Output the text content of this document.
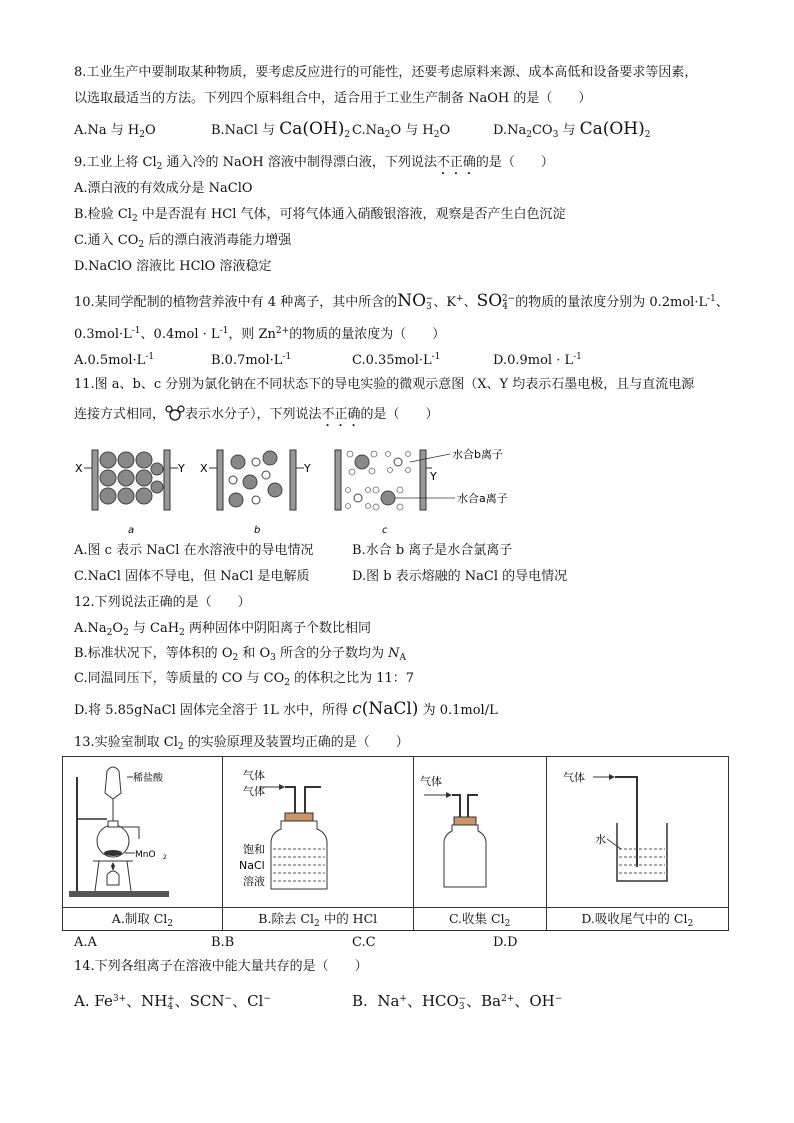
8.工业生产中要制取某种物质，要考虑反应进行的可能性，还要考虑原料来源、成本高低和设备要求等因素，
以选取最适当的方法。下列四个原料组合中，适合用于工业生产制备 NaOH 的是（　　）
A.Na 与 $H_2O$	B.NaCl 与 $Ca(OH)_2$ $C.Na_2O$ 与 $H_2O$	$D.Na_2CO_3$ 与 $Ca(OH)_2$
9.工业上将 $Cl_2$ 通入冷的 NaOH 溶液中制得漂白液，下列说法不正确的是（　　）
A.漂白液的有效成分是 NaClO
B.检验 $Cl_2$ 中是否混有 HCl 气体，可将气体通入硝酸银溶液，观察是否产生白色沉淀
C.通入 $CO_2$ 后的漂白液消毒能力增强
D.NaClO 溶液比 HClO 溶液稳定
10.某同学配制的植物营养液中有 4 种离子，其中所含的$NO_3^-$、K+、$SO_4^{2-}$的物质的量浓度分别为 $0.2mol\cdot L^{-1}$、
$0.3mol\cdot L^{-1}$、$0.4mol \cdot L^{-1}$，则 $Zn^{2+}$的物质的量浓度为（　　）
$A.0.5mol\cdot L^{-1}$	$B.0.7mol\cdot L^{-1}$	$C.0.35mol\cdot L^{-1}$	$D.0.9mol \cdot L^{-1}$
11.图 a、b、c 分别为氯化钠在不同状态下的导电实验的微观示意图（X、Y 均表示石墨电极，且与直流电源
连接方式相同， 表示水分子），下列说法不正确的是（　　）
X	Y
a
X	Y
b
Y
水合b离子
水合a离子
c
A.图 c 表示 NaCl 在水溶液中的导电情况	B.水合 b 离子是水合氯离子
C.NaCl 固体不导电，但 NaCl 是电解质	D.图 b 表示熔融的 NaCl 的导电情况
12.下列说法正确的是（　　）
$A.Na_2O_2$ 与 CaH$_2$ 两种固体中阴阳离子个数比相同
B.标准状况下，等体积的 $O_2$ 和 $O_3$ 所含的分子数均为 $N_A$
C.同温同压下，等质量的 CO 与 $CO_2$ 的体积之比为 11：7
D.将 5.85gNaCl 固体完全溶于 1L 水中，所得 c(NaCl) 为 0.1mol/L
13.实验室制取 $Cl_2$ 的实验原理及装置均正确的是（　　）
稀盐酸
MnO 2	气体
气体
饱和
NaCl
溶液	气体	气体
水

A.制取 $Cl_2$	B.除去 $Cl_2$ 中的 HCl	C.收集 $Cl_2$	D.吸收尾气中的 $Cl_2$
A.A	B.B	C.C	D.D
14.下列各组离子在溶液中能大量共存的是（　　）
A. $Fe^{3+}$、$NH_4^+$、SCN−、Cl−	B.  Na+、$HCO_3^-$、$Ba^{2+}$、OH−
